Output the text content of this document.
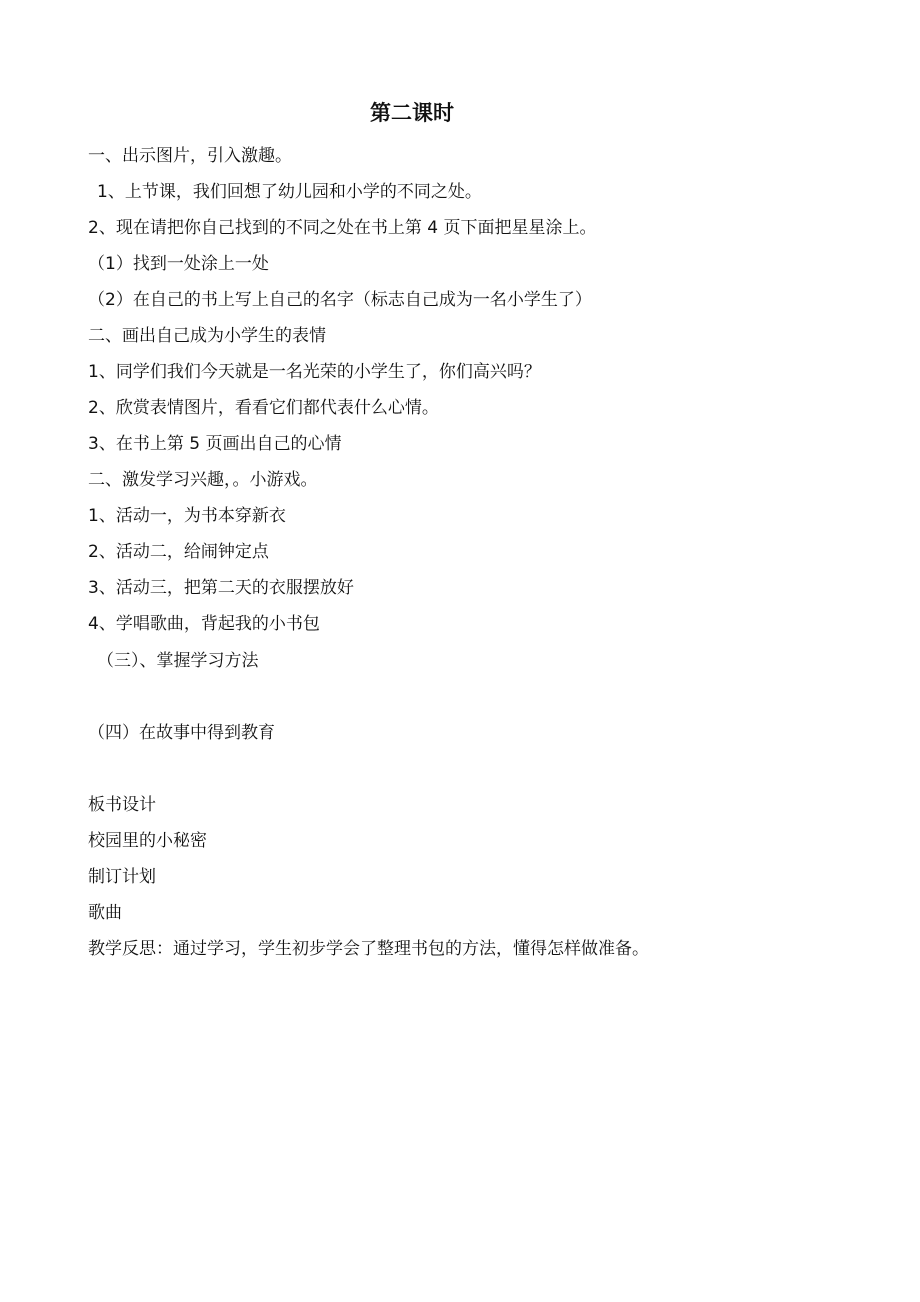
第二课时
一、出示图片，引入激趣。
1、上节课，我们回想了幼儿园和小学的不同之处。
2、现在请把你自己找到的不同之处在书上第 4 页下面把星星涂上。
（1）找到一处涂上一处
（2）在自己的书上写上自己的名字（标志自己成为一名小学生了）
二、画出自己成为小学生的表情
1、同学们我们今天就是一名光荣的小学生了，你们高兴吗？
2、欣赏表情图片，看看它们都代表什么心情。
3、在书上第 5 页画出自己的心情
二、激发学习兴趣，。小游戏。
1、活动一，为书本穿新衣
2、活动二，给闹钟定点
3、活动三，把第二天的衣服摆放好
4、学唱歌曲，背起我的小书包
（三）、掌握学习方法
（四）在故事中得到教育
板书设计
校园里的小秘密
制订计划
歌曲
教学反思：通过学习，学生初步学会了整理书包的方法，懂得怎样做准备。
